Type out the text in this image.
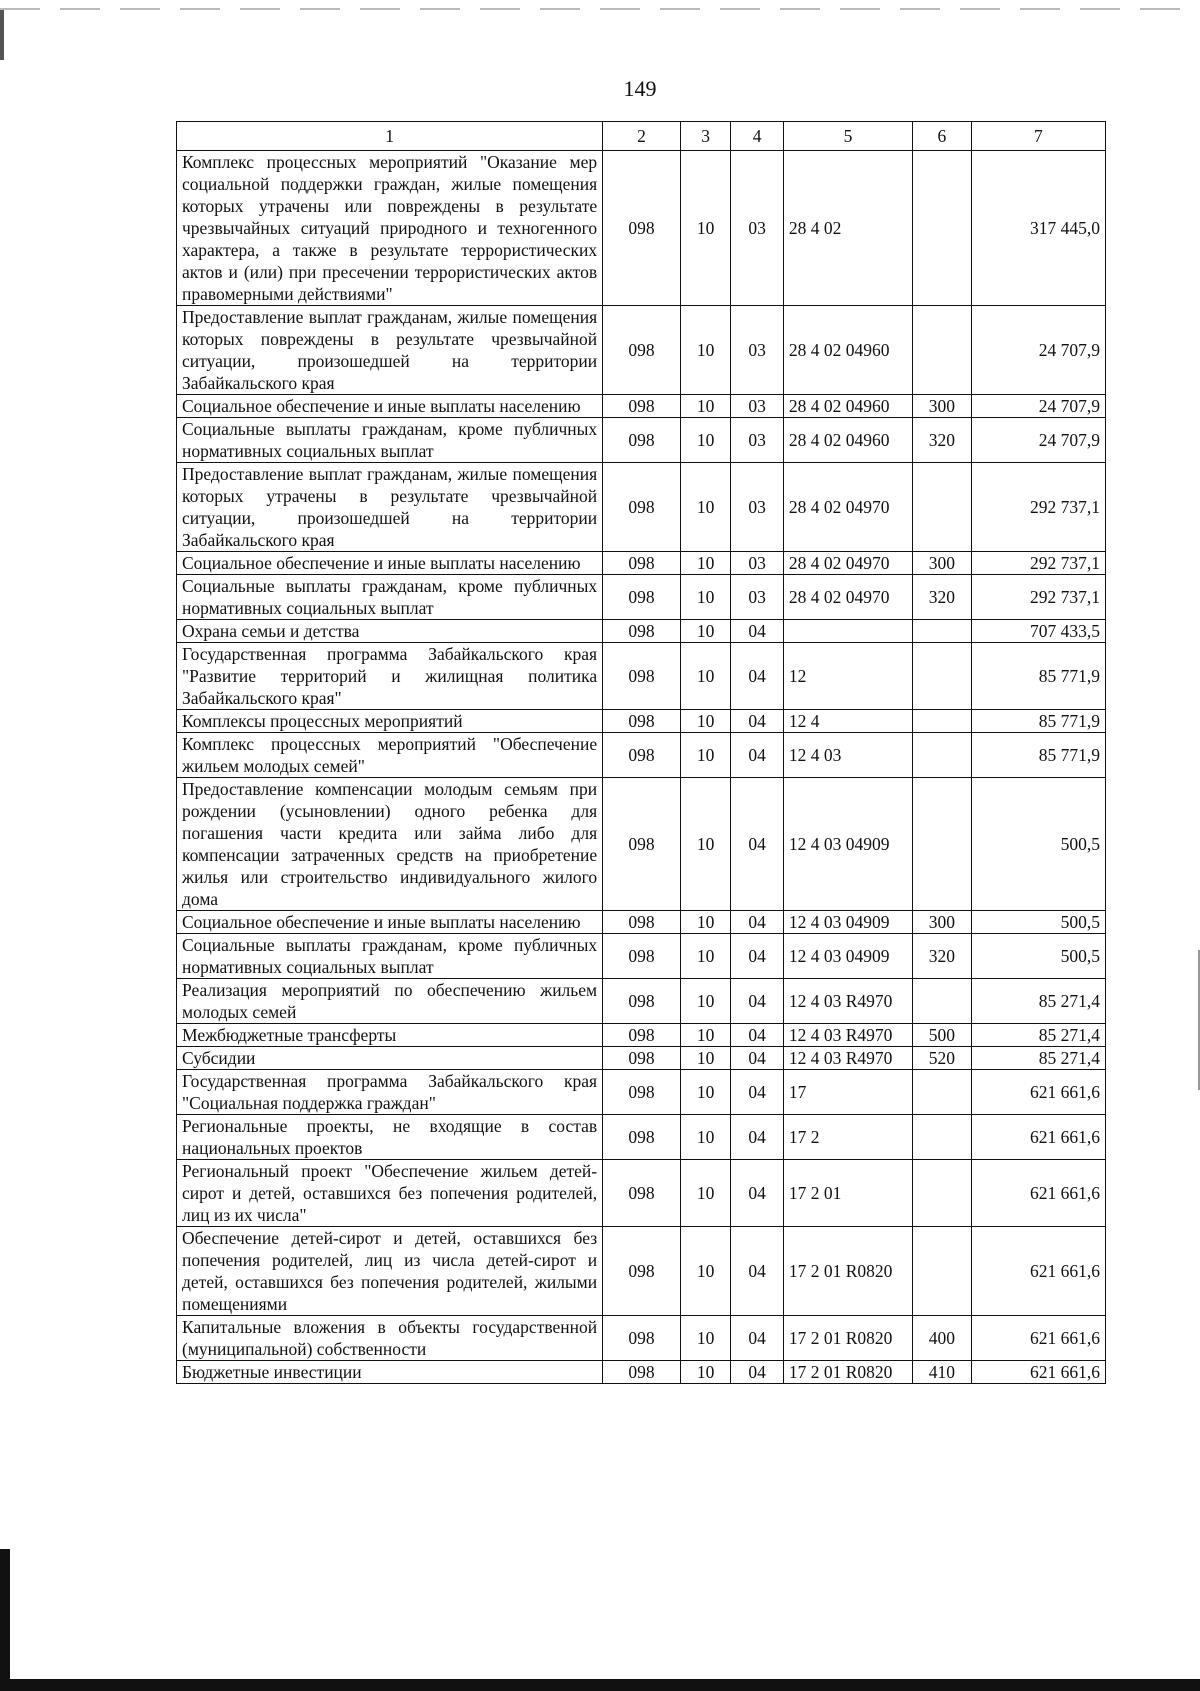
149
1	2	3	4	5	6	7
Комплекс процессных мероприятий "Оказание мер социальной поддержки граждан, жилые помещения которых утрачены или повреждены в результате чрезвычайных ситуаций природного и техногенного характера, а также в результате террористических актов и (или) при пресечении террористических актов правомерными действиями"	098	10	03	28 4 02		317 445,0
Предоставление выплат гражданам, жилые помещения которых повреждены в результате чрезвычайной ситуации, произошедшей на территории Забайкальского края	098	10	03	28 4 02 04960		24 707,9
Социальное обеспечение и иные выплаты населению	098	10	03	28 4 02 04960	300	24 707,9
Социальные выплаты гражданам, кроме публичных нормативных социальных выплат	098	10	03	28 4 02 04960	320	24 707,9
Предоставление выплат гражданам, жилые помещения которых утрачены в результате чрезвычайной ситуации, произошедшей на территории Забайкальского края	098	10	03	28 4 02 04970		292 737,1
Социальное обеспечение и иные выплаты населению	098	10	03	28 4 02 04970	300	292 737,1
Социальные выплаты гражданам, кроме публичных нормативных социальных выплат	098	10	03	28 4 02 04970	320	292 737,1
Охрана семьи и детства	098	10	04			707 433,5
Государственная программа Забайкальского края "Развитие территорий и жилищная политика Забайкальского края"	098	10	04	12		85 771,9
Комплексы процессных мероприятий	098	10	04	12 4		85 771,9
Комплекс процессных мероприятий "Обеспечение жильем молодых семей"	098	10	04	12 4 03		85 771,9
Предоставление компенсации молодым семьям при рождении (усыновлении) одного ребенка для погашения части кредита или займа либо для компенсации затраченных средств на приобретение жилья или строительство индивидуального жилого дома	098	10	04	12 4 03 04909		500,5
Социальное обеспечение и иные выплаты населению	098	10	04	12 4 03 04909	300	500,5
Социальные выплаты гражданам, кроме публичных нормативных социальных выплат	098	10	04	12 4 03 04909	320	500,5
Реализация мероприятий по обеспечению жильем молодых семей	098	10	04	12 4 03 R4970		85 271,4
Межбюджетные трансферты	098	10	04	12 4 03 R4970	500	85 271,4
Субсидии	098	10	04	12 4 03 R4970	520	85 271,4
Государственная программа Забайкальского края "Социальная поддержка граждан"	098	10	04	17		621 661,6
Региональные проекты, не входящие в состав национальных проектов	098	10	04	17 2		621 661,6
Региональный проект "Обеспечение жильем детей-сирот и детей, оставшихся без попечения родителей, лиц из их числа"	098	10	04	17 2 01		621 661,6
Обеспечение детей-сирот и детей, оставшихся без попечения родителей, лиц из числа детей-сирот и детей, оставшихся без попечения родителей, жилыми помещениями	098	10	04	17 2 01 R0820		621 661,6
Капитальные вложения в объекты государственной (муниципальной) собственности	098	10	04	17 2 01 R0820	400	621 661,6
Бюджетные инвестиции	098	10	04	17 2 01 R0820	410	621 661,6
